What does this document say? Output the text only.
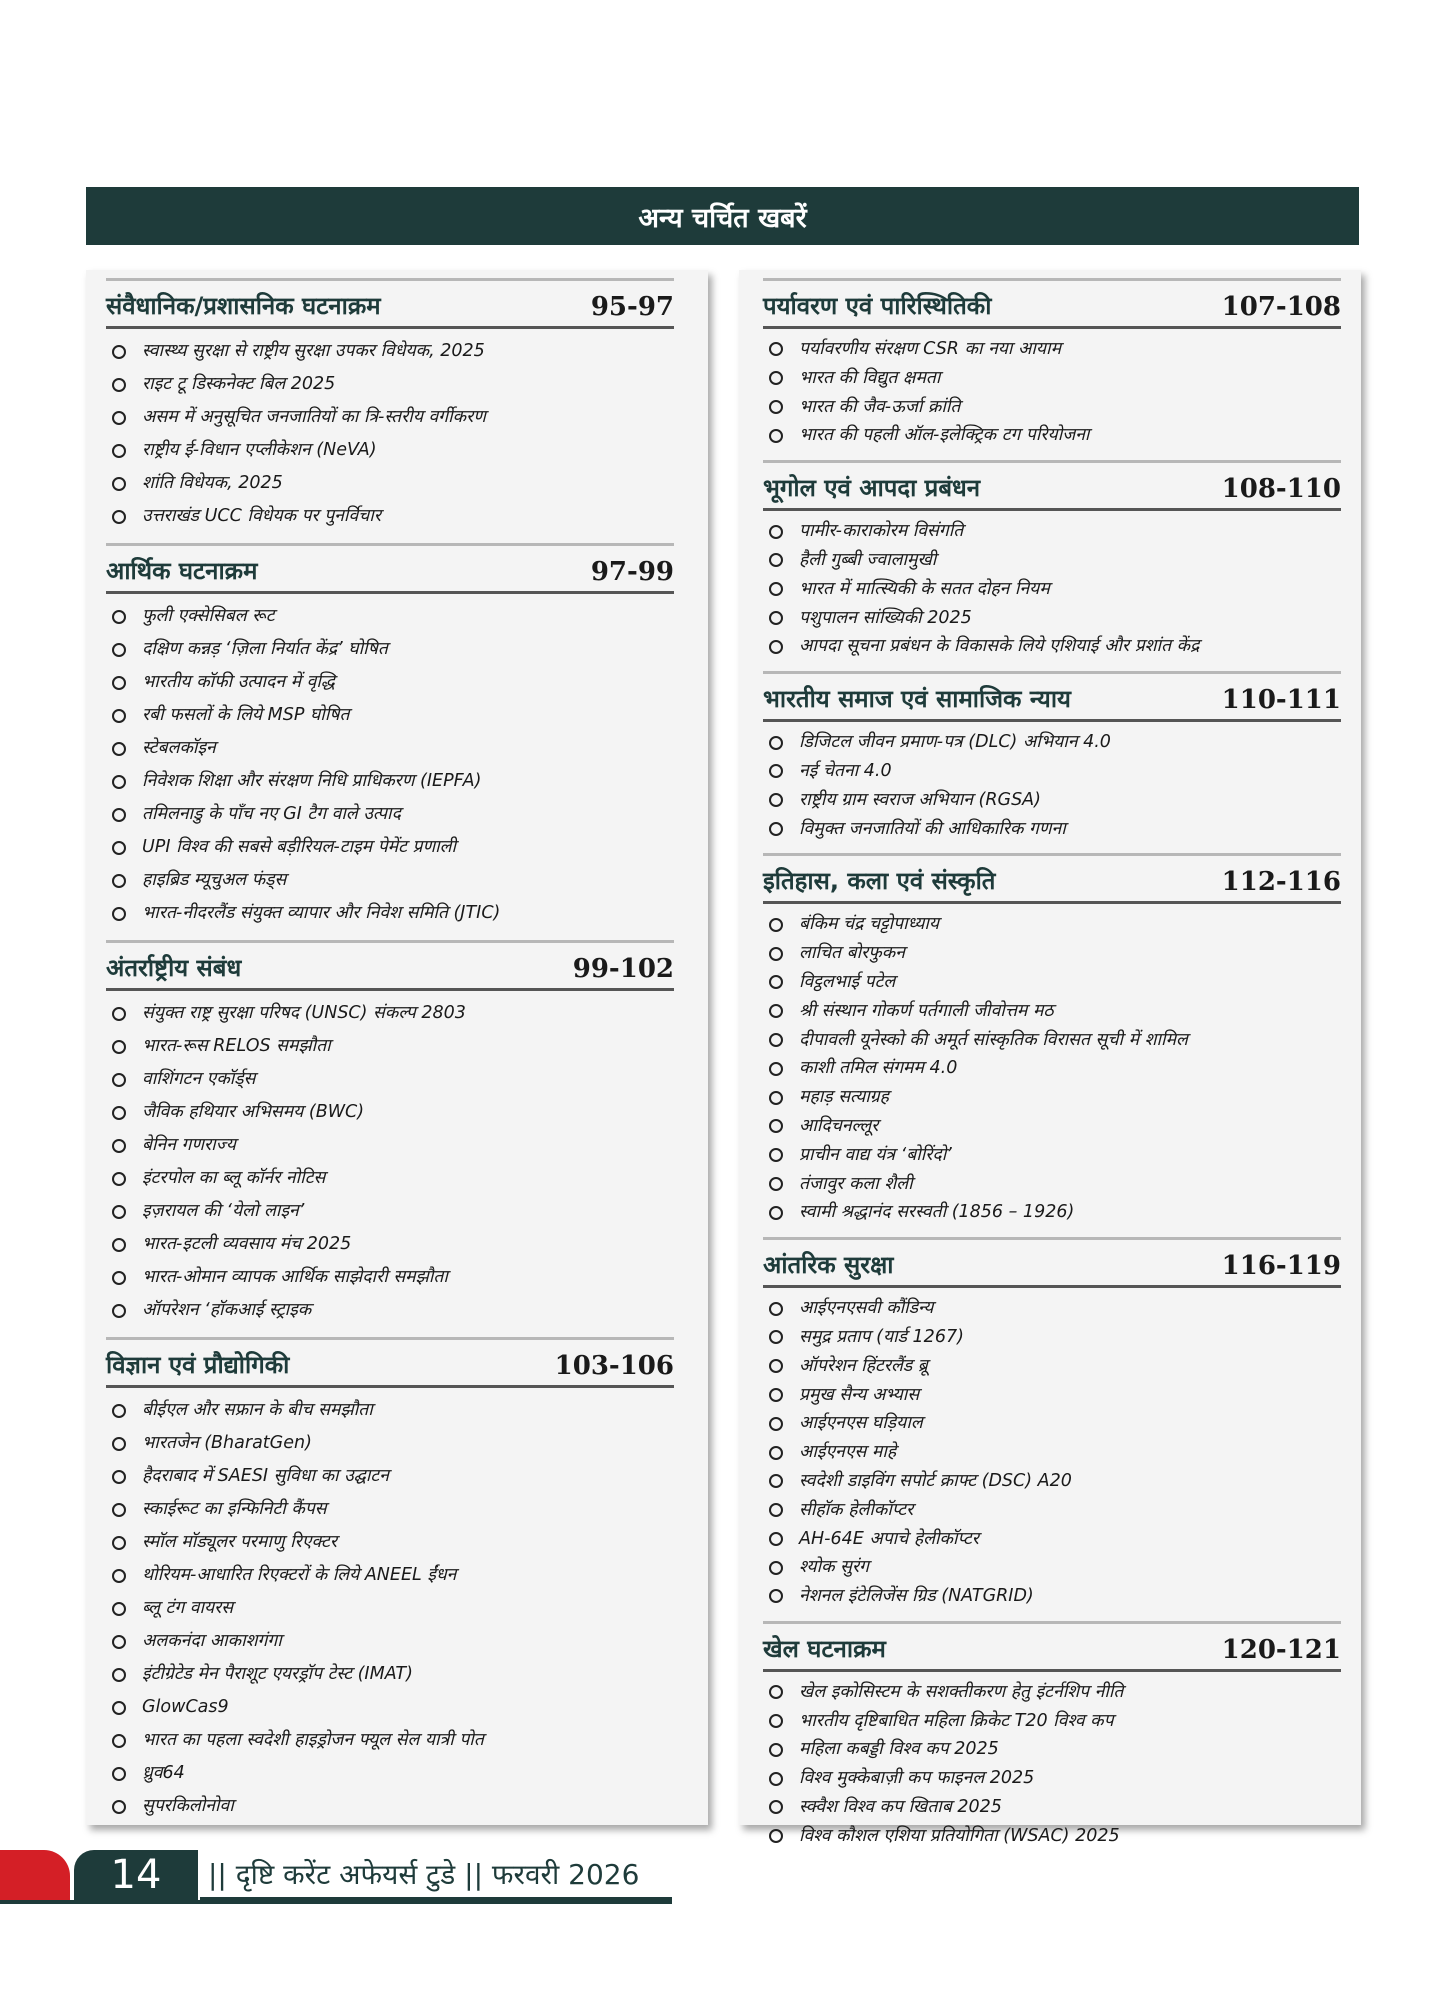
अन्य चर्चित खबरें
संवैधानिक/प्रशासनिक घटनाक्रम	95-97
स्वास्थ्य सुरक्षा से राष्ट्रीय सुरक्षा उपकर विधेयक, 2025
राइट टू डिस्कनेक्ट बिल 2025
असम में अनुसूचित जनजातियों का त्रि-स्तरीय वर्गीकरण
राष्ट्रीय ई-विधान एप्लीकेशन (NeVA)
शांति विधेयक, 2025
उत्तराखंड UCC विधेयक पर पुनर्विचार
आर्थिक घटनाक्रम	97-99
फुली एक्सेसिबल रूट
दक्षिण कन्नड़ ‘ज़िला निर्यात केंद्र’ घोषित
भारतीय कॉफी उत्पादन में वृद्धि
रबी फसलों के लिये MSP घोषित
स्टेबलकॉइन
निवेशक शिक्षा और संरक्षण निधि प्राधिकरण (IEPFA)
तमिलनाडु के पाँच नए GI टैग वाले उत्पाद
UPI विश्व की सबसे बड़ीरियल-टाइम पेमेंट प्रणाली
हाइब्रिड म्यूचुअल फंड्स
भारत-नीदरलैंड संयुक्त व्यापार और निवेश समिति (JTIC)
अंतर्राष्ट्रीय संबंध	99-102
संयुक्त राष्ट्र सुरक्षा परिषद (UNSC) संकल्प 2803
भारत-रूस RELOS समझौता
वाशिंगटन एकॉर्ड्स
जैविक हथियार अभिसमय (BWC)
बेनिन गणराज्य
इंटरपोल का ब्लू कॉर्नर नोटिस
इज़रायल की ‘येलो लाइन’
भारत-इटली व्यवसाय मंच 2025
भारत-ओमान व्यापक आर्थिक साझेदारी समझौता
ऑपरेशन ‘हॉकआई स्ट्राइक
विज्ञान एवं प्रौद्योगिकी	103-106
बीईएल और सफ्रान के बीच समझौता
भारतजेन (BharatGen)
हैदराबाद में SAESI सुविधा का उद्घाटन
स्काईरूट का इन्फिनिटी कैंपस
स्मॉल मॉड्यूलर परमाणु रिएक्टर
थोरियम-आधारित रिएक्टरों के लिये ANEEL ईंधन
ब्लू टंग वायरस
अलकनंदा आकाशगंगा
इंटीग्रेटेड मेन पैराशूट एयरड्रॉप टेस्ट (IMAT)
GlowCas9
भारत का पहला स्वदेशी हाइड्रोजन फ्यूल सेल यात्री पोत
ध्रुव64
सुपरकिलोनोवा
पर्यावरण एवं पारिस्थितिकी	107-108
पर्यावरणीय संरक्षण CSR का नया आयाम
भारत की विद्युत क्षमता
भारत की जैव-ऊर्जा क्रांति
भारत की पहली ऑल-इलेक्ट्रिक टग परियोजना
भूगोल एवं आपदा प्रबंधन	108-110
पामीर-काराकोरम विसंगति
हैली गुब्बी ज्वालामुखी
भारत में मात्स्यिकी के सतत दोहन नियम
पशुपालन सांख्यिकी 2025
आपदा सूचना प्रबंधन के विकासके लिये एशियाई और प्रशांत केंद्र
भारतीय समाज एवं सामाजिक न्याय	110-111
डिजिटल जीवन प्रमाण-पत्र (DLC) अभियान 4.0
नई चेतना 4.0
राष्ट्रीय ग्राम स्वराज अभियान (RGSA)
विमुक्त जनजातियों की आधिकारिक गणना
इतिहास, कला एवं संस्कृति	112-116
बंकिम चंद्र चट्टोपाध्याय
लाचित बोरफुकन
विट्ठलभाई पटेल
श्री संस्थान गोकर्ण पर्तगाली जीवोत्तम मठ
दीपावली यूनेस्को की अमूर्त सांस्कृतिक विरासत सूची में शामिल
काशी तमिल संगमम 4.0
महाड़ सत्याग्रह
आदिचनल्लूर
प्राचीन वाद्य यंत्र ‘बोरिंदो’
तंजावुर कला शैली
स्वामी श्रद्धानंद सरस्वती (1856 – 1926)
आंतरिक सुरक्षा	116-119
आईएनएसवी कौंडिन्य
समुद्र प्रताप (यार्ड 1267)
ऑपरेशन हिंटरलैंड ब्रू
प्रमुख सैन्य अभ्यास
आईएनएस घड़ियाल
आईएनएस माहे
स्वदेशी डाइविंग सपोर्ट क्राफ्ट (DSC) A20
सीहॉक हेलीकॉप्टर
AH-64E अपाचे हेलीकॉप्टर
श्योक सुरंग
नेशनल इंटेलिजेंस ग्रिड (NATGRID)
खेल घटनाक्रम	120-121
खेल इकोसिस्टम के सशक्तीकरण हेतु इंटर्नशिप नीति
भारतीय दृष्टिबाधित महिला क्रिकेट T20 विश्व कप
महिला कबड्डी विश्व कप 2025
विश्व मुक्केबाज़ी कप फाइनल 2025
स्क्वैश विश्व कप खिताब 2025
विश्व कौशल एशिया प्रतियोगिता (WSAC) 2025
14 || दृष्टि करेंट अफेयर्स टुडे || फरवरी 2026
